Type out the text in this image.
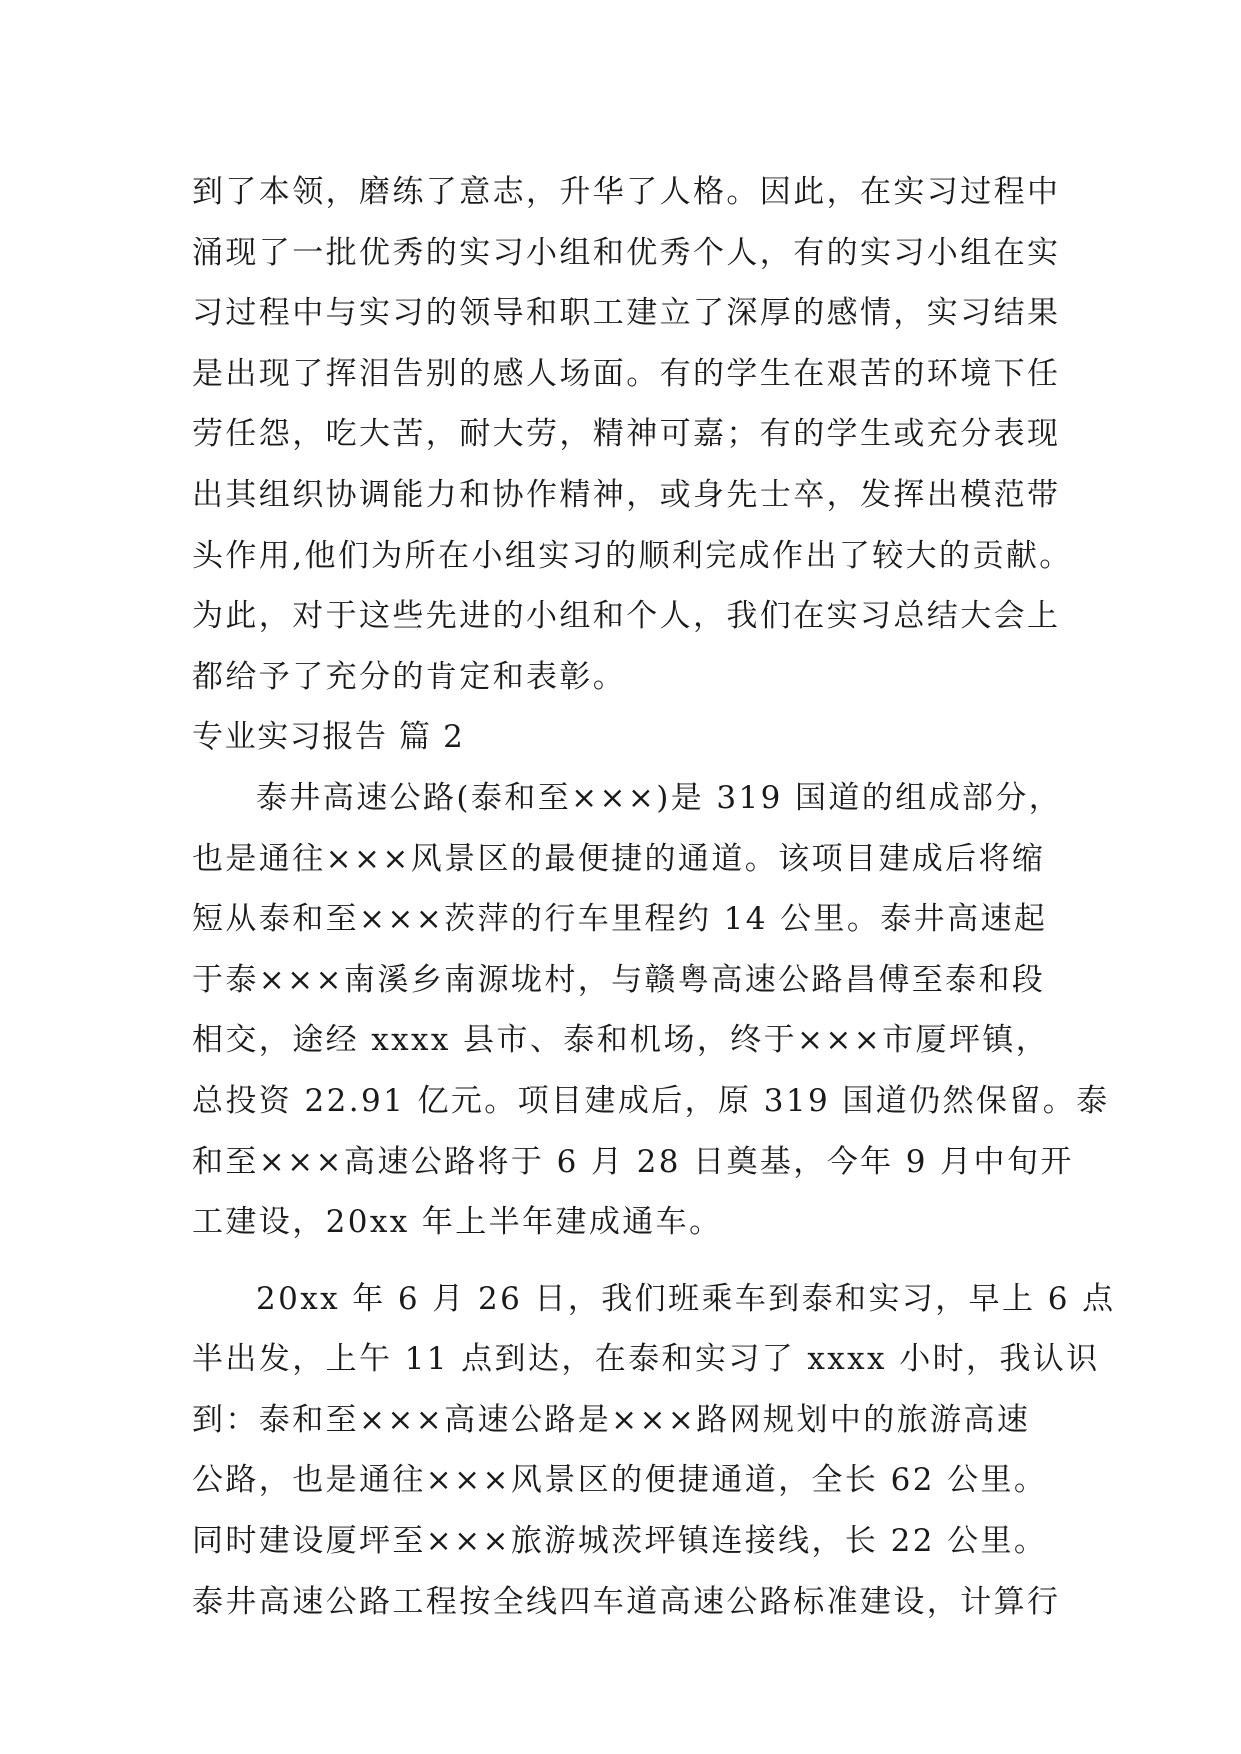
到了本领，磨练了意志，升华了人格。因此，在实习过程中
涌现了一批优秀的实习小组和优秀个人，有的实习小组在实
习过程中与实习的领导和职工建立了深厚的感情，实习结果
是出现了挥泪告别的感人场面。有的学生在艰苦的环境下任
劳任怨，吃大苦，耐大劳，精神可嘉；有的学生或充分表现
出其组织协调能力和协作精神，或身先士卒，发挥出模范带
头作用,他们为所在小组实习的顺利完成作出了较大的贡献。
为此，对于这些先进的小组和个人，我们在实习总结大会上
都给予了充分的肯定和表彰。
专业实习报告 篇 2
泰井高速公路(泰和至×××)是 319 国道的组成部分，
也是通往×××风景区的最便捷的通道。该项目建成后将缩
短从泰和至×××茨萍的行车里程约 14 公里。泰井高速起
于泰×××南溪乡南源垅村，与赣粤高速公路昌傅至泰和段
相交，途经 xxxx 县市、泰和机场，终于×××市厦坪镇，
总投资 22.91 亿元。项目建成后，原 319 国道仍然保留。泰
和至×××高速公路将于 6 月 28 日奠基，今年 9 月中旬开
工建设，20xx 年上半年建成通车。
20xx 年 6 月 26 日，我们班乘车到泰和实习，早上 6 点
半出发，上午 11 点到达，在泰和实习了 xxxx 小时，我认识
到：泰和至×××高速公路是×××路网规划中的旅游高速
公路，也是通往×××风景区的便捷通道，全长 62 公里。
同时建设厦坪至×××旅游城茨坪镇连接线，长 22 公里。
泰井高速公路工程按全线四车道高速公路标准建设，计算行
